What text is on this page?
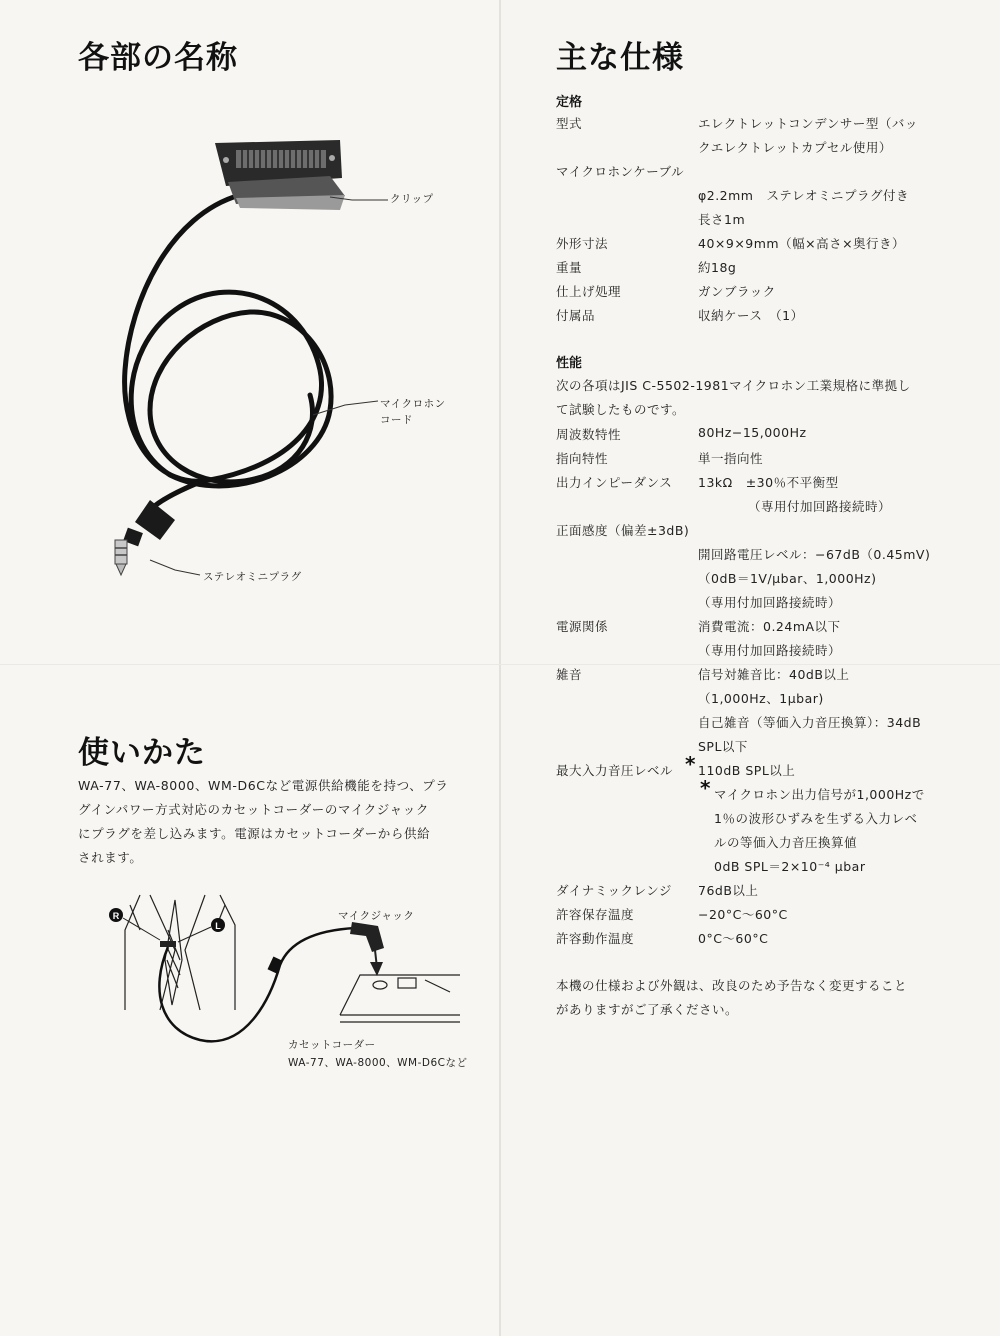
各部の名称
クリップ
マイクロホン
コード
ステレオミニプラグ
使いかた
WA-77、WA-8000、WM-D6Cなど電源供給機能を持つ、プラ
グインパワー方式対応のカセットコーダーのマイクジャック
にプラグを差し込みます。電源はカセットコーダーから供給
されます。
R
L
マイクジャック
カセットコーダー
WA-77、WA-8000、WM-D6Cなど
主な仕様
定格
型式	エレクトレットコンデンサー型（バッ
クエレクトレットカプセル使用）
マイクロホンケーブル
φ2.2mm　ステレオミニプラグ付き
長さ1m
外形寸法	40×9×9mm（幅×高さ×奥行き）
重量	約18g
仕上げ処理	ガンブラック
付属品	収納ケース　（1）
性能
次の各項はJIS C-5502-1981マイクロホン工業規格に準拠し
て試験したものです。
周波数特性	80Hz−15,000Hz
指向特性	単一指向性
出力インピーダンス 13kΩ　±30％不平衡型
（専用付加回路接続時）
正面感度（偏差±3dB)
開回路電圧レベル：−67dB（0.45mV)
（0dB＝1V/μbar、1,000Hz)
（専用付加回路接続時）
電源関係	消費電流：0.24mA以下
（専用付加回路接続時）
雑音	信号対雑音比：40dB以上
（1,000Hz、1μbar)
自己雑音（等価入力音圧換算）：34dB
SPL以下
最大入力音圧レベル * 110dB SPL以上
* マイクロホン出力信号が1,000Hzで
1％の波形ひずみを生ずる入力レベ
ルの等価入力音圧換算値
0dB SPL＝2×10⁻⁴ μbar
ダイナミックレンジ 76dB以上
許容保存温度	−20°C〜60°C
許容動作温度	0°C〜60°C
本機の仕様および外観は、改良のため予告なく変更すること
がありますがご了承ください。
